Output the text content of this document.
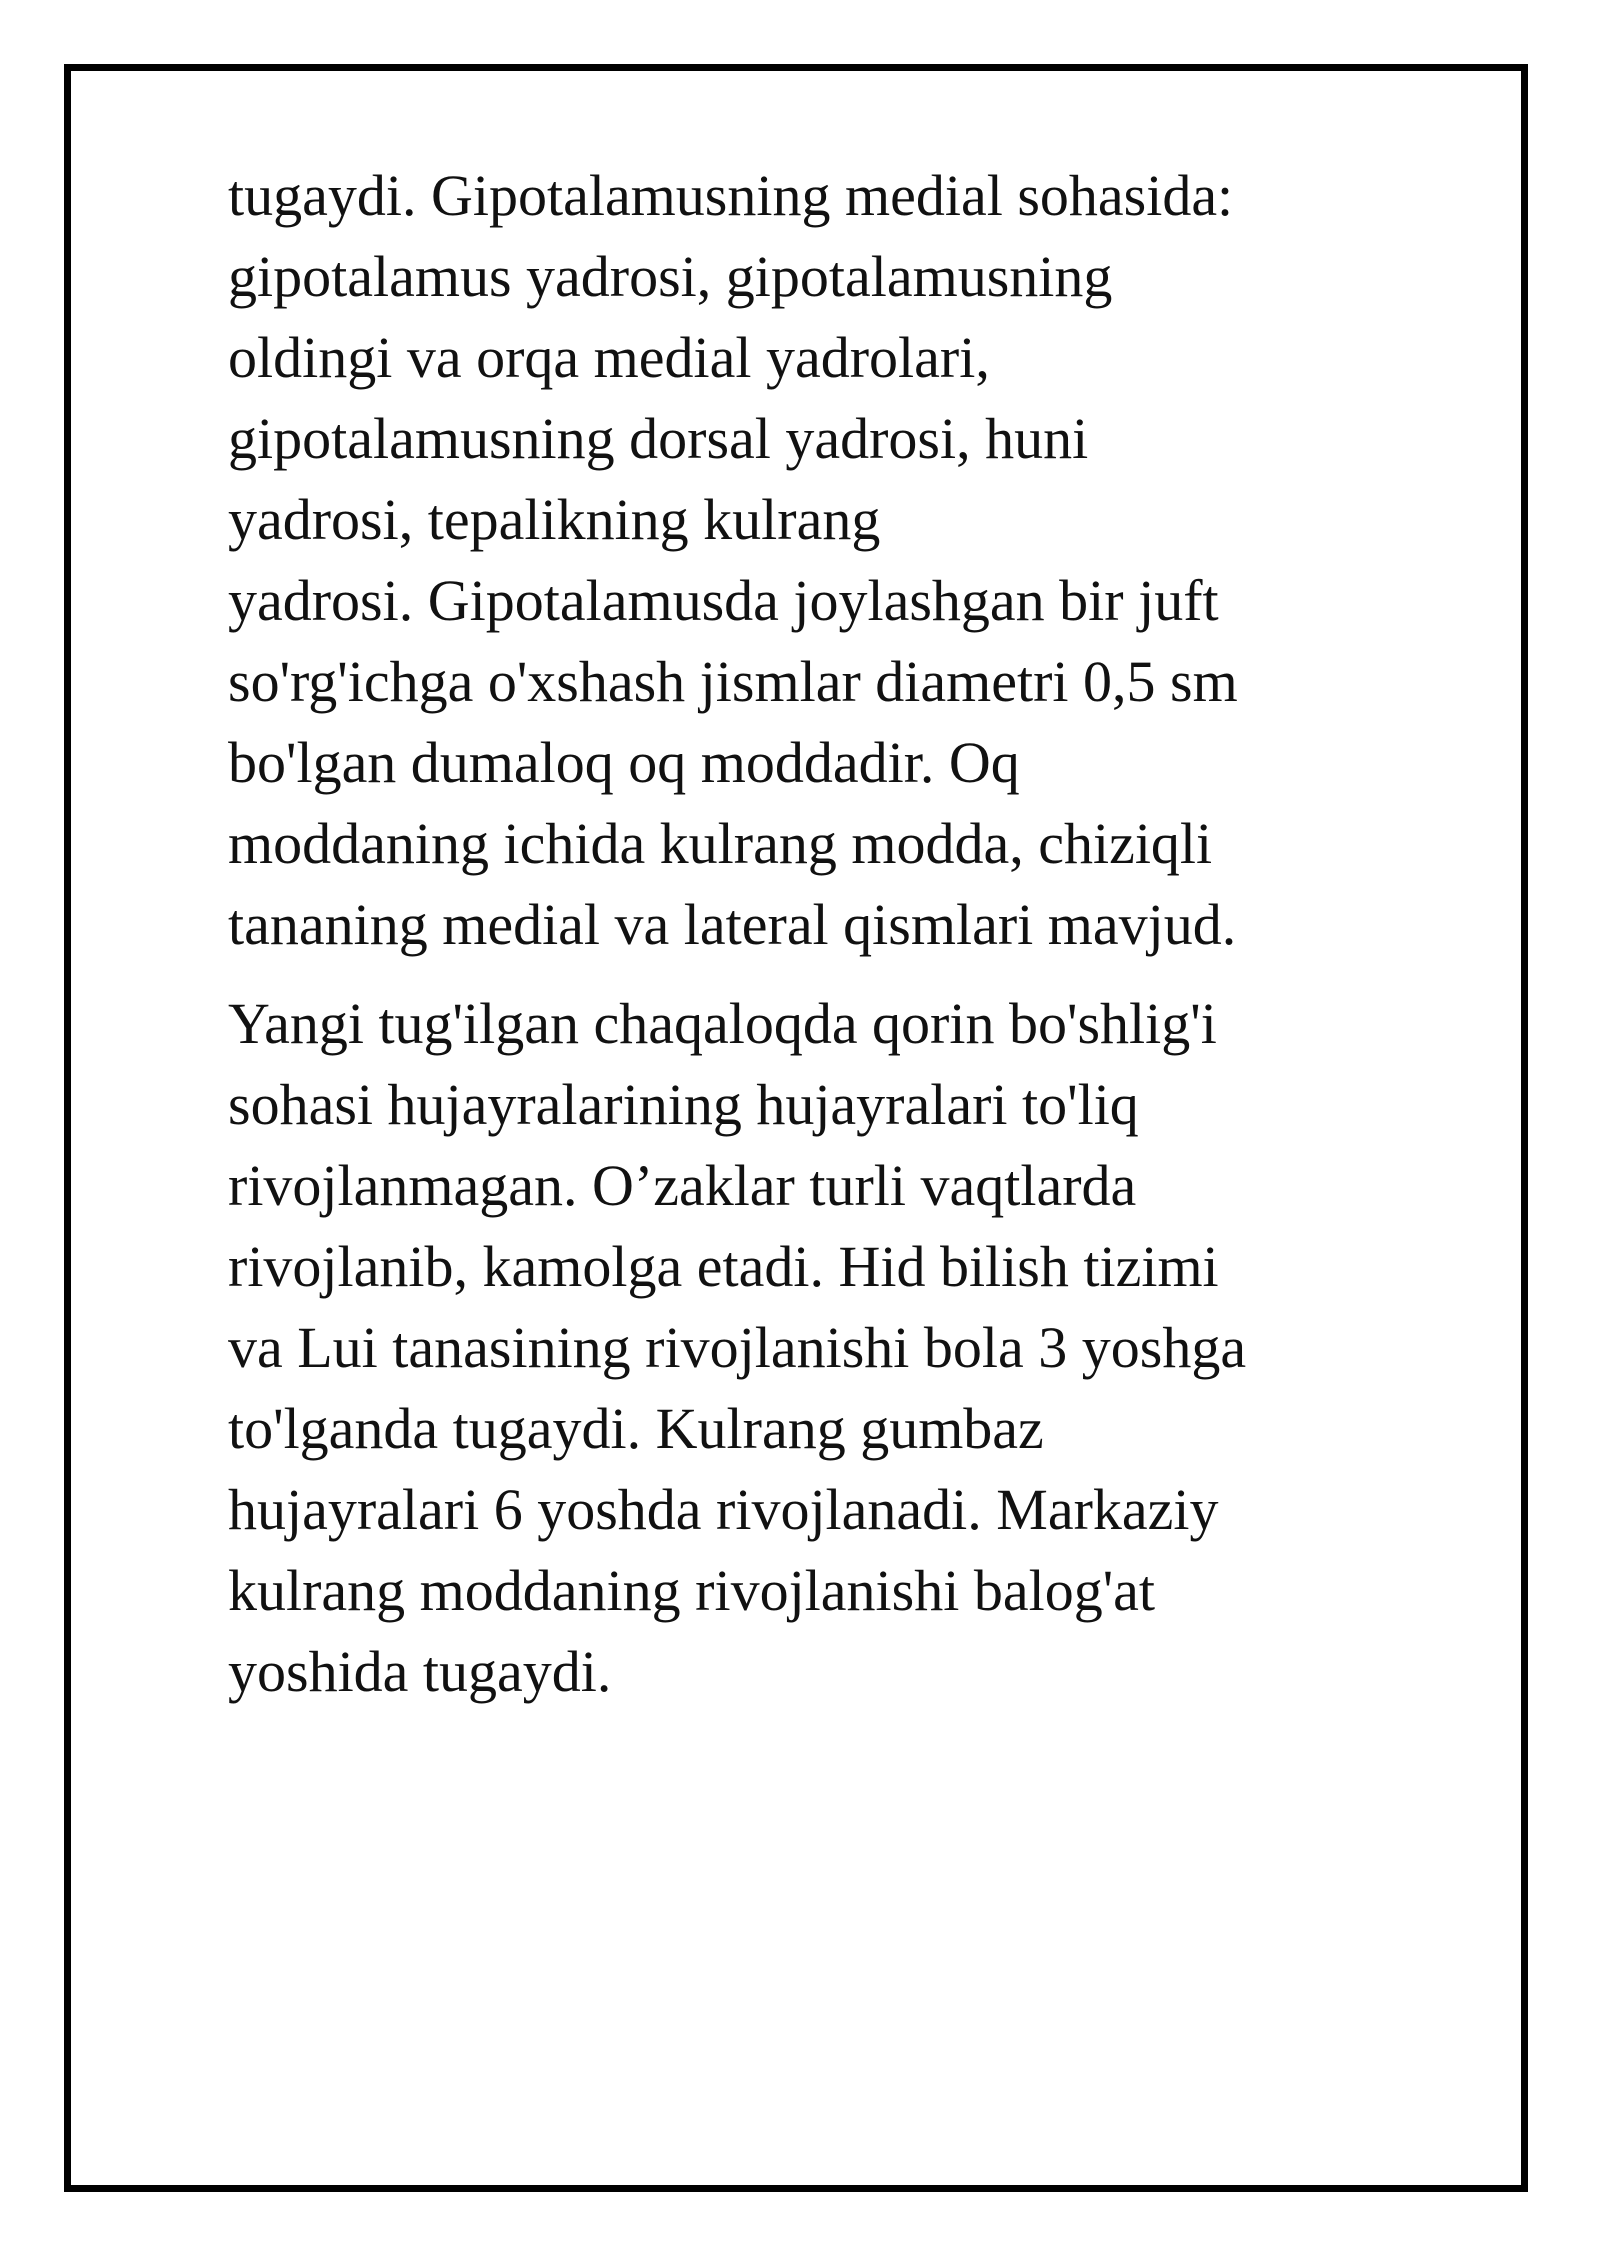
tugaydi. Gipotalamusning medial sohasida:
gipotalamus yadrosi, gipotalamusning
oldingi va orqa medial yadrolari,
gipotalamusning dorsal yadrosi, huni
yadrosi, tepalikning kulrang
yadrosi. Gipotalamusda joylashgan bir juft
so'rg'ichga o'xshash jismlar diametri 0,5 sm
bo'lgan dumaloq oq moddadir. Oq
moddaning ichida kulrang modda, chiziqli
tananing medial va lateral qismlari mavjud.
Yangi tug'ilgan chaqaloqda qorin bo'shlig'i
sohasi hujayralarining hujayralari to'liq
rivojlanmagan. O’zaklar turli vaqtlarda
rivojlanib, kamolga etadi. Hid bilish tizimi
va Lui tanasining rivojlanishi bola 3 yoshga
to'lganda tugaydi. Kulrang gumbaz
hujayralari 6 yoshda rivojlanadi. Markaziy
kulrang moddaning rivojlanishi balog'at
yoshida tugaydi.
